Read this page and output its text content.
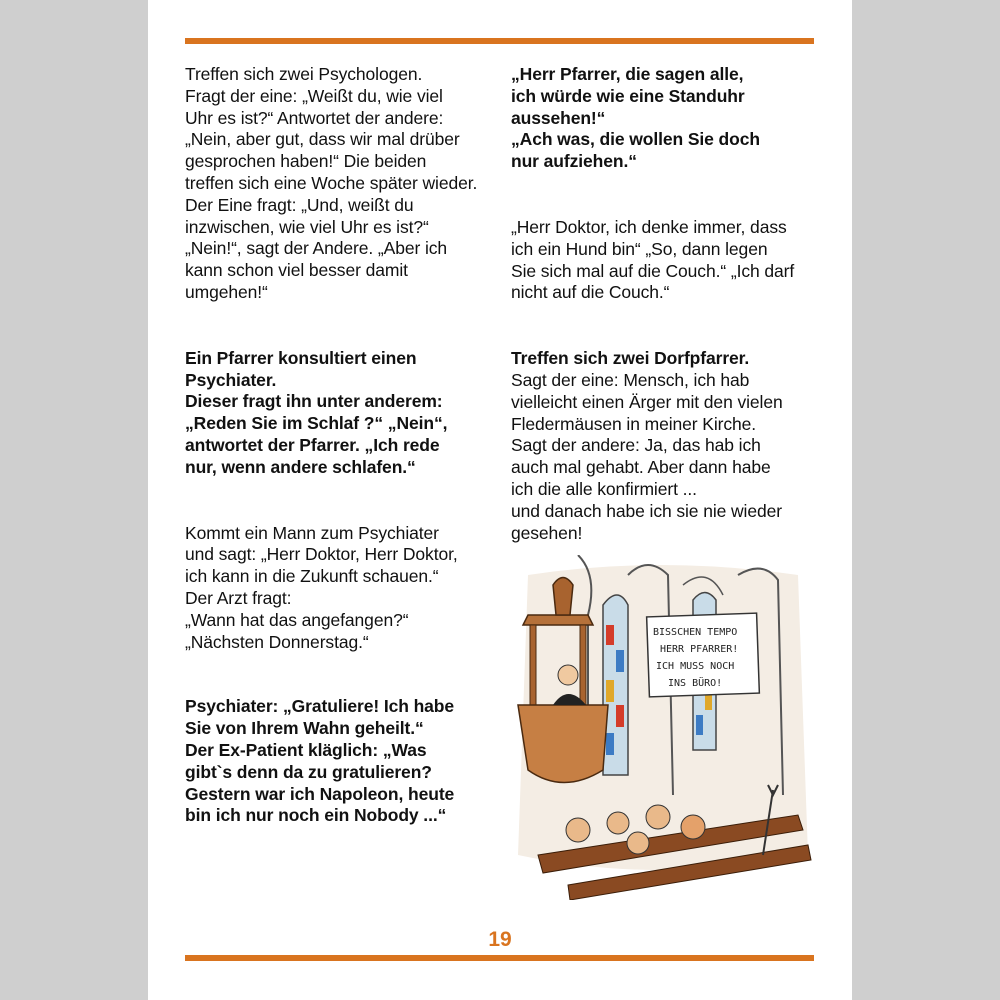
Treffen sich zwei Psychologen.
Fragt der eine: „Weißt du, wie viel
Uhr es ist?“ Antwortet der andere:
„Nein, aber gut, dass wir mal drüber
gesprochen haben!“ Die beiden
treffen sich eine Woche später wieder.
Der Eine fragt: „Und, weißt du
inzwischen, wie viel Uhr es ist?“
„Nein!“, sagt der Andere. „Aber ich
kann schon viel besser damit
umgehen!“
Ein Pfarrer konsultiert einen
Psychiater.
Dieser fragt ihn unter anderem:
„Reden Sie im Schlaf ?“ „Nein“,
antwortet der Pfarrer. „Ich rede
nur, wenn andere schlafen.“
Kommt ein Mann zum Psychiater
und sagt: „Herr Doktor, Herr Doktor,
ich kann in die Zukunft schauen.“
Der Arzt fragt:
„Wann hat das angefangen?“
„Nächsten Donnerstag.“
Psychiater: „Gratuliere! Ich habe
Sie von Ihrem Wahn geheilt.“
Der Ex-Patient kläglich: „Was
gibt`s denn da zu gratulieren?
Gestern war ich Napoleon, heute
bin ich nur noch ein Nobody ...“
„Herr Pfarrer, die sagen alle,
ich würde wie eine Standuhr
aussehen!“
„Ach was, die wollen Sie doch
nur aufziehen.“
„Herr Doktor, ich denke immer, dass
ich ein Hund bin“ „So, dann legen
Sie sich mal auf die Couch.“ „Ich darf
nicht auf die Couch.“
Treffen sich zwei Dorfpfarrer.
Sagt der eine: Mensch, ich hab
vielleicht einen Ärger mit den vielen
Fledermäusen in meiner Kirche.
Sagt der andere: Ja, das hab ich
auch mal gehabt. Aber dann habe
ich die alle konfirmiert ...
und danach habe ich sie nie wieder
gesehen!
BISSCHEN TEMPO
HERR PFARRER!
ICH MUSS NOCH
INS BÜRO!
19
